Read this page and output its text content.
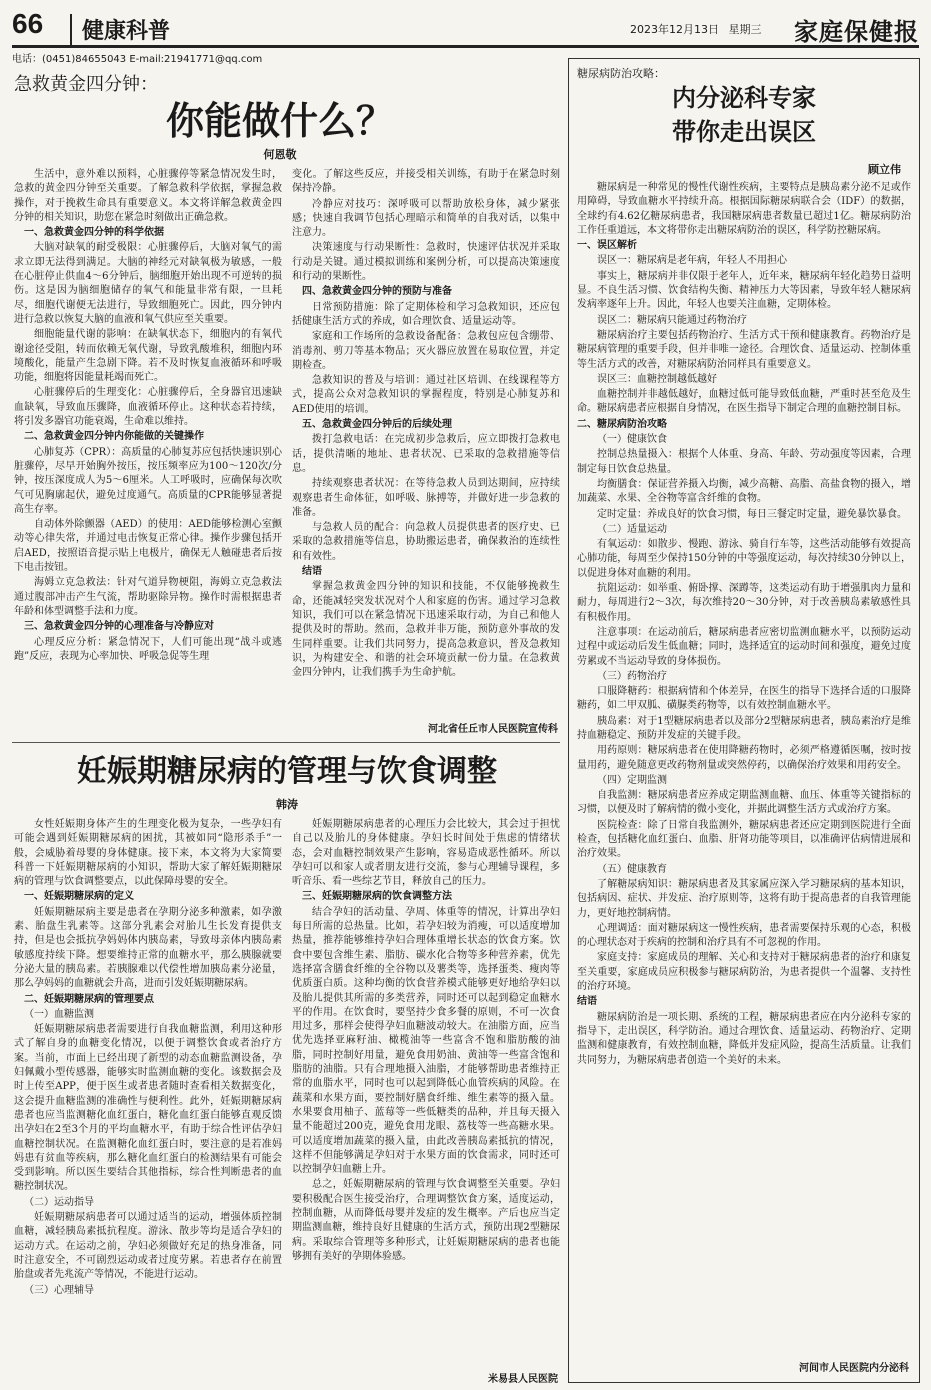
66	健康科普	2023年12月13日 星期三 家庭保健报
电话：(0451)84655043 E-mail:21941771@qq.com
急救黄金四分钟：
你能做什么？
何恩敬

生活中，意外难以预料，心脏骤停等紧急情况发生时，急救的黄金四分钟至关重要。了解急救科学依据，掌握急救操作，对于挽救生命具有重要意义。本文将详解急救黄金四分钟的相关知识，助您在紧急时刻做出正确急救。

一、急救黄金四分钟的科学依据

大脑对缺氧的耐受极限：心脏骤停后，大脑对氧气的需求立即无法得到满足。大脑的神经元对缺氧极为敏感，一般在心脏停止供血4～6分钟后，脑细胞开始出现不可逆转的损伤。这是因为脑细胞储存的氧气和能量非常有限，一旦耗尽，细胞代谢便无法进行，导致细胞死亡。因此，四分钟内进行急救以恢复大脑的血液和氧气供应至关重要。

细胞能量代谢的影响：在缺氧状态下，细胞内的有氧代谢途径受阻，转而依赖无氧代谢，导致乳酸堆积，细胞内环境酸化，能量产生急剧下降。若不及时恢复血液循环和呼吸功能，细胞将因能量耗竭而死亡。

心脏骤停后的生理变化：心脏骤停后，全身器官迅速缺血缺氧，导致血压骤降，血液循环停止。这种状态若持续，将引发多器官功能衰竭，生命难以维持。

二、急救黄金四分钟内你能做的关键操作

心肺复苏（CPR）：高质量的心肺复苏应包括快速识别心脏骤停，尽早开始胸外按压，按压频率应为100～120次/分钟，按压深度成人为5～6厘米。人工呼吸时，应确保每次吹气可见胸廓起伏，避免过度通气。高质量的CPR能够显著提高生存率。

自动体外除颤器（AED）的使用：AED能够检测心室颤动等心律失常，并通过电击恢复正常心律。操作步骤包括开启AED，按照语音提示贴上电极片，确保无人触碰患者后按下电击按钮。

海姆立克急救法：针对气道异物梗阻，海姆立克急救法通过腹部冲击产生气流，帮助驱除异物。操作时需根据患者年龄和体型调整手法和力度。

三、急救黄金四分钟的心理准备与冷静应对

心理反应分析：紧急情况下，人们可能出现“战斗或逃跑”反应，表现为心率加快、呼吸急促等生理

变化。了解这些反应，并接受相关训练，有助于在紧急时刻保持冷静。

冷静应对技巧：深呼吸可以帮助放松身体，减少紧张感；快速自我调节包括心理暗示和简单的自我对话，以集中注意力。

决策速度与行动果断性：急救时，快速评估状况并采取行动是关键。通过模拟训练和案例分析，可以提高决策速度和行动的果断性。

四、急救黄金四分钟的预防与准备

日常预防措施：除了定期体检和学习急救知识，还应包括健康生活方式的养成，如合理饮食、适量运动等。

家庭和工作场所的急救设备配备：急救包应包含绷带、消毒剂、剪刀等基本物品；灭火器应放置在易取位置，并定期检查。

急救知识的普及与培训：通过社区培训、在线课程等方式，提高公众对急救知识的掌握程度，特别是心肺复苏和AED使用的培训。

五、急救黄金四分钟后的后续处理

拨打急救电话：在完成初步急救后，应立即拨打急救电话，提供清晰的地址、患者状况、已采取的急救措施等信息。

持续观察患者状况：在等待急救人员到达期间，应持续观察患者生命体征，如呼吸、脉搏等，并做好进一步急救的准备。

与急救人员的配合：向急救人员提供患者的医疗史、已采取的急救措施等信息，协助搬运患者，确保救治的连续性和有效性。

结语

掌握急救黄金四分钟的知识和技能，不仅能够挽救生命，还能减轻突发状况对个人和家庭的伤害。通过学习急救知识，我们可以在紧急情况下迅速采取行动，为自己和他人提供及时的帮助。然而，急救并非万能，预防意外事故的发生同样重要。让我们共同努力，提高急救意识，普及急救知识，为构建安全、和谐的社会环境贡献一份力量。在急救黄金四分钟内，让我们携手为生命护航。

河北省任丘市人民医院宣传科
妊娠期糖尿病的管理与饮食调整
韩涛

女性妊娠期身体产生的生理变化极为复杂，一些孕妇有可能会遇到妊娠期糖尿病的困扰，其被如同“隐形杀手”一般，会威胁着母婴的身体健康。接下来，本文将为大家简要科普一下妊娠期糖尿病的小知识，帮助大家了解妊娠期糖尿病的管理与饮食调整要点，以此保障母婴的安全。

一、妊娠期糖尿病的定义

妊娠期糖尿病主要是患者在孕期分泌多种激素，如孕激素、胎盘生乳素等。这部分乳素会对胎儿生长发育提供支持，但是也会抵抗孕妈妈体内胰岛素，导致母亲体内胰岛素敏感度持续下降。想要维持正常的血糖水平，那么胰腺就要分泌大量的胰岛素。若胰腺难以代偿性增加胰岛素分泌量，那么孕妈妈的血糖就会升高，进而引发妊娠期糖尿病。

二、妊娠期糖尿病的管理要点

（一）血糖监测

妊娠期糖尿病患者需要进行自我血糖监测，利用这种形式了解自身的血糖变化情况，以便于调整饮食或者治疗方案。当前，市面上已经出现了新型的动态血糖监测设备，孕妇佩戴小型传感器，能够实时监测血糖的变化。该数据会及时上传至APP，便于医生或者患者随时查看相关数据变化，这会提升血糖监测的准确性与便利性。此外，妊娠期糖尿病患者也应当监测糖化血红蛋白，糖化血红蛋白能够直观反馈出孕妇在2至3个月的平均血糖水平，有助于综合性评估孕妇血糖控制状况。在监测糖化血红蛋白时，要注意的是若准妈妈患有贫血等疾病，那么糖化血红蛋白的检测结果有可能会受到影响。所以医生要结合其他指标，综合性判断患者的血糖控制状况。

（二）运动指导

妊娠期糖尿病患者可以通过适当的运动，增强体质控制血糖，减轻胰岛素抵抗程度。游泳、散步等均是适合孕妇的运动方式。在运动之前，孕妇必须做好充足的热身准备，同时注意安全，不可剧烈运动或者过度劳累。若患者存在前置胎盘或者先兆流产等情况，不能进行运动。

（三）心理辅导

妊娠期糖尿病患者的心理压力会比较大，其会过于担忧自己以及胎儿的身体健康。孕妇长时间处于焦虑的情绪状态，会对血糖控制效果产生影响，容易造成恶性循环。所以孕妇可以和家人或者朋友进行交流，参与心理辅导课程，多听音乐、看一些综艺节目，释放自己的压力。

三、妊娠期糖尿病的饮食调整方法

结合孕妇的活动量、孕周、体重等的情况，计算出孕妇每日所需的总热量。比如，若孕妇较为消瘦，可以适度增加热量，推荐能够维持孕妇合理体重增长状态的饮食方案。饮食中要包含维生素、脂肪、碳水化合物等多种营养素，优先选择富含膳食纤维的全谷物以及薯类等，选择蛋类、瘦肉等优质蛋白质。这种均衡的饮食营养模式能够更好地给孕妇以及胎儿提供其所需的多类营养，同时还可以起到稳定血糖水平的作用。在饮食时，要坚持少食多餐的原则，不可一次食用过多，那样会使得孕妇血糖波动较大。在油脂方面，应当优先选择亚麻籽油、橄榄油等一些富含不饱和脂肪酸的油脂，同时控制好用量，避免食用奶油、黄油等一些富含饱和脂肪的油脂。只有合理地摄入油脂，才能够帮助患者维持正常的血脂水平，同时也可以起到降低心血管疾病的风险。在蔬菜和水果方面，要控制好膳食纤维、维生素等的摄入量。水果要食用柚子、蓝莓等一些低糖类的品种，并且每天摄入量不能超过200克，避免食用龙眼、荔枝等一些高糖水果。可以适度增加蔬菜的摄入量，由此改善胰岛素抵抗的情况，这样不但能够满足孕妇对于水果方面的饮食需求，同时还可以控制孕妇血糖上升。

总之，妊娠期糖尿病的管理与饮食调整至关重要。孕妇要积极配合医生接受治疗，合理调整饮食方案，适度运动，控制血糖，从而降低母婴并发症的发生概率。产后也应当定期监测血糖，维持良好且健康的生活方式，预防出现2型糖尿病。采取综合管理等多种形式，让妊娠期糖尿病的患者也能够拥有美好的孕期体验感。

米易县人民医院
糖尿病防治攻略：
内分泌科专家
带你走出误区
顾立伟

糖尿病是一种常见的慢性代谢性疾病，主要特点是胰岛素分泌不足或作用障碍，导致血糖水平持续升高。根据国际糖尿病联合会（IDF）的数据，全球约有4.62亿糖尿病患者，我国糖尿病患者数量已超过1亿。糖尿病防治工作任重道远，本文将带你走出糖尿病防治的误区，科学防控糖尿病。

一、误区解析

误区一：糖尿病是老年病，年轻人不用担心

事实上，糖尿病并非仅限于老年人，近年来，糖尿病年轻化趋势日益明显。不良生活习惯、饮食结构失衡、精神压力大等因素，导致年轻人糖尿病发病率逐年上升。因此，年轻人也要关注血糖，定期体检。

误区二：糖尿病只能通过药物治疗

糖尿病治疗主要包括药物治疗、生活方式干预和健康教育。药物治疗是糖尿病管理的重要手段，但并非唯一途径。合理饮食、适量运动、控制体重等生活方式的改善，对糖尿病防治同样具有重要意义。

误区三：血糖控制越低越好

血糖控制并非越低越好，血糖过低可能导致低血糖，严重时甚至危及生命。糖尿病患者应根据自身情况，在医生指导下制定合理的血糖控制目标。

二、糖尿病防治攻略

（一）健康饮食

控制总热量摄入：根据个人体重、身高、年龄、劳动强度等因素，合理制定每日饮食总热量。

均衡膳食：保证营养摄入均衡，减少高糖、高脂、高盐食物的摄入，增加蔬菜、水果、全谷物等富含纤维的食物。

定时定量：养成良好的饮食习惯，每日三餐定时定量，避免暴饮暴食。

（二）适量运动

有氧运动：如散步、慢跑、游泳、骑自行车等，这些活动能够有效提高心肺功能，每周至少保持150分钟的中等强度运动，每次持续30分钟以上，以促进身体对血糖的利用。

抗阻运动：如举重、俯卧撑、深蹲等，这类运动有助于增强肌肉力量和耐力，每周进行2～3次，每次维持20～30分钟，对于改善胰岛素敏感性具有积极作用。

注意事项：在运动前后，糖尿病患者应密切监测血糖水平，以预防运动过程中或运动后发生低血糖；同时，选择适宜的运动时间和强度，避免过度劳累或不当运动导致的身体损伤。

（三）药物治疗

口服降糖药：根据病情和个体差异，在医生的指导下选择合适的口服降糖药，如二甲双胍、磺脲类药物等，以有效控制血糖水平。

胰岛素：对于1型糖尿病患者以及部分2型糖尿病患者，胰岛素治疗是维持血糖稳定、预防并发症的关键手段。

用药原则：糖尿病患者在使用降糖药物时，必须严格遵循医嘱，按时按量用药，避免随意更改药物剂量或突然停药，以确保治疗效果和用药安全。

（四）定期监测

自我监测：糖尿病患者应养成定期监测血糖、血压、体重等关键指标的习惯，以便及时了解病情的微小变化，并据此调整生活方式或治疗方案。

医院检查：除了日常自我监测外，糖尿病患者还应定期到医院进行全面检查，包括糖化血红蛋白、血脂、肝肾功能等项目，以准确评估病情进展和治疗效果。

（五）健康教育

了解糖尿病知识：糖尿病患者及其家属应深入学习糖尿病的基本知识，包括病因、症状、并发症、治疗原则等，这将有助于提高患者的自我管理能力，更好地控制病情。

心理调适：面对糖尿病这一慢性疾病，患者需要保持乐观的心态，积极的心理状态对于疾病的控制和治疗具有不可忽视的作用。

家庭支持：家庭成员的理解、关心和支持对于糖尿病患者的治疗和康复至关重要，家庭成员应积极参与糖尿病防治，为患者提供一个温馨、支持性的治疗环境。

结语

糖尿病防治是一项长期、系统的工程，糖尿病患者应在内分泌科专家的指导下，走出误区，科学防治。通过合理饮食、适量运动、药物治疗、定期监测和健康教育，有效控制血糖，降低并发症风险，提高生活质量。让我们共同努力，为糖尿病患者创造一个美好的未来。

河间市人民医院内分泌科
